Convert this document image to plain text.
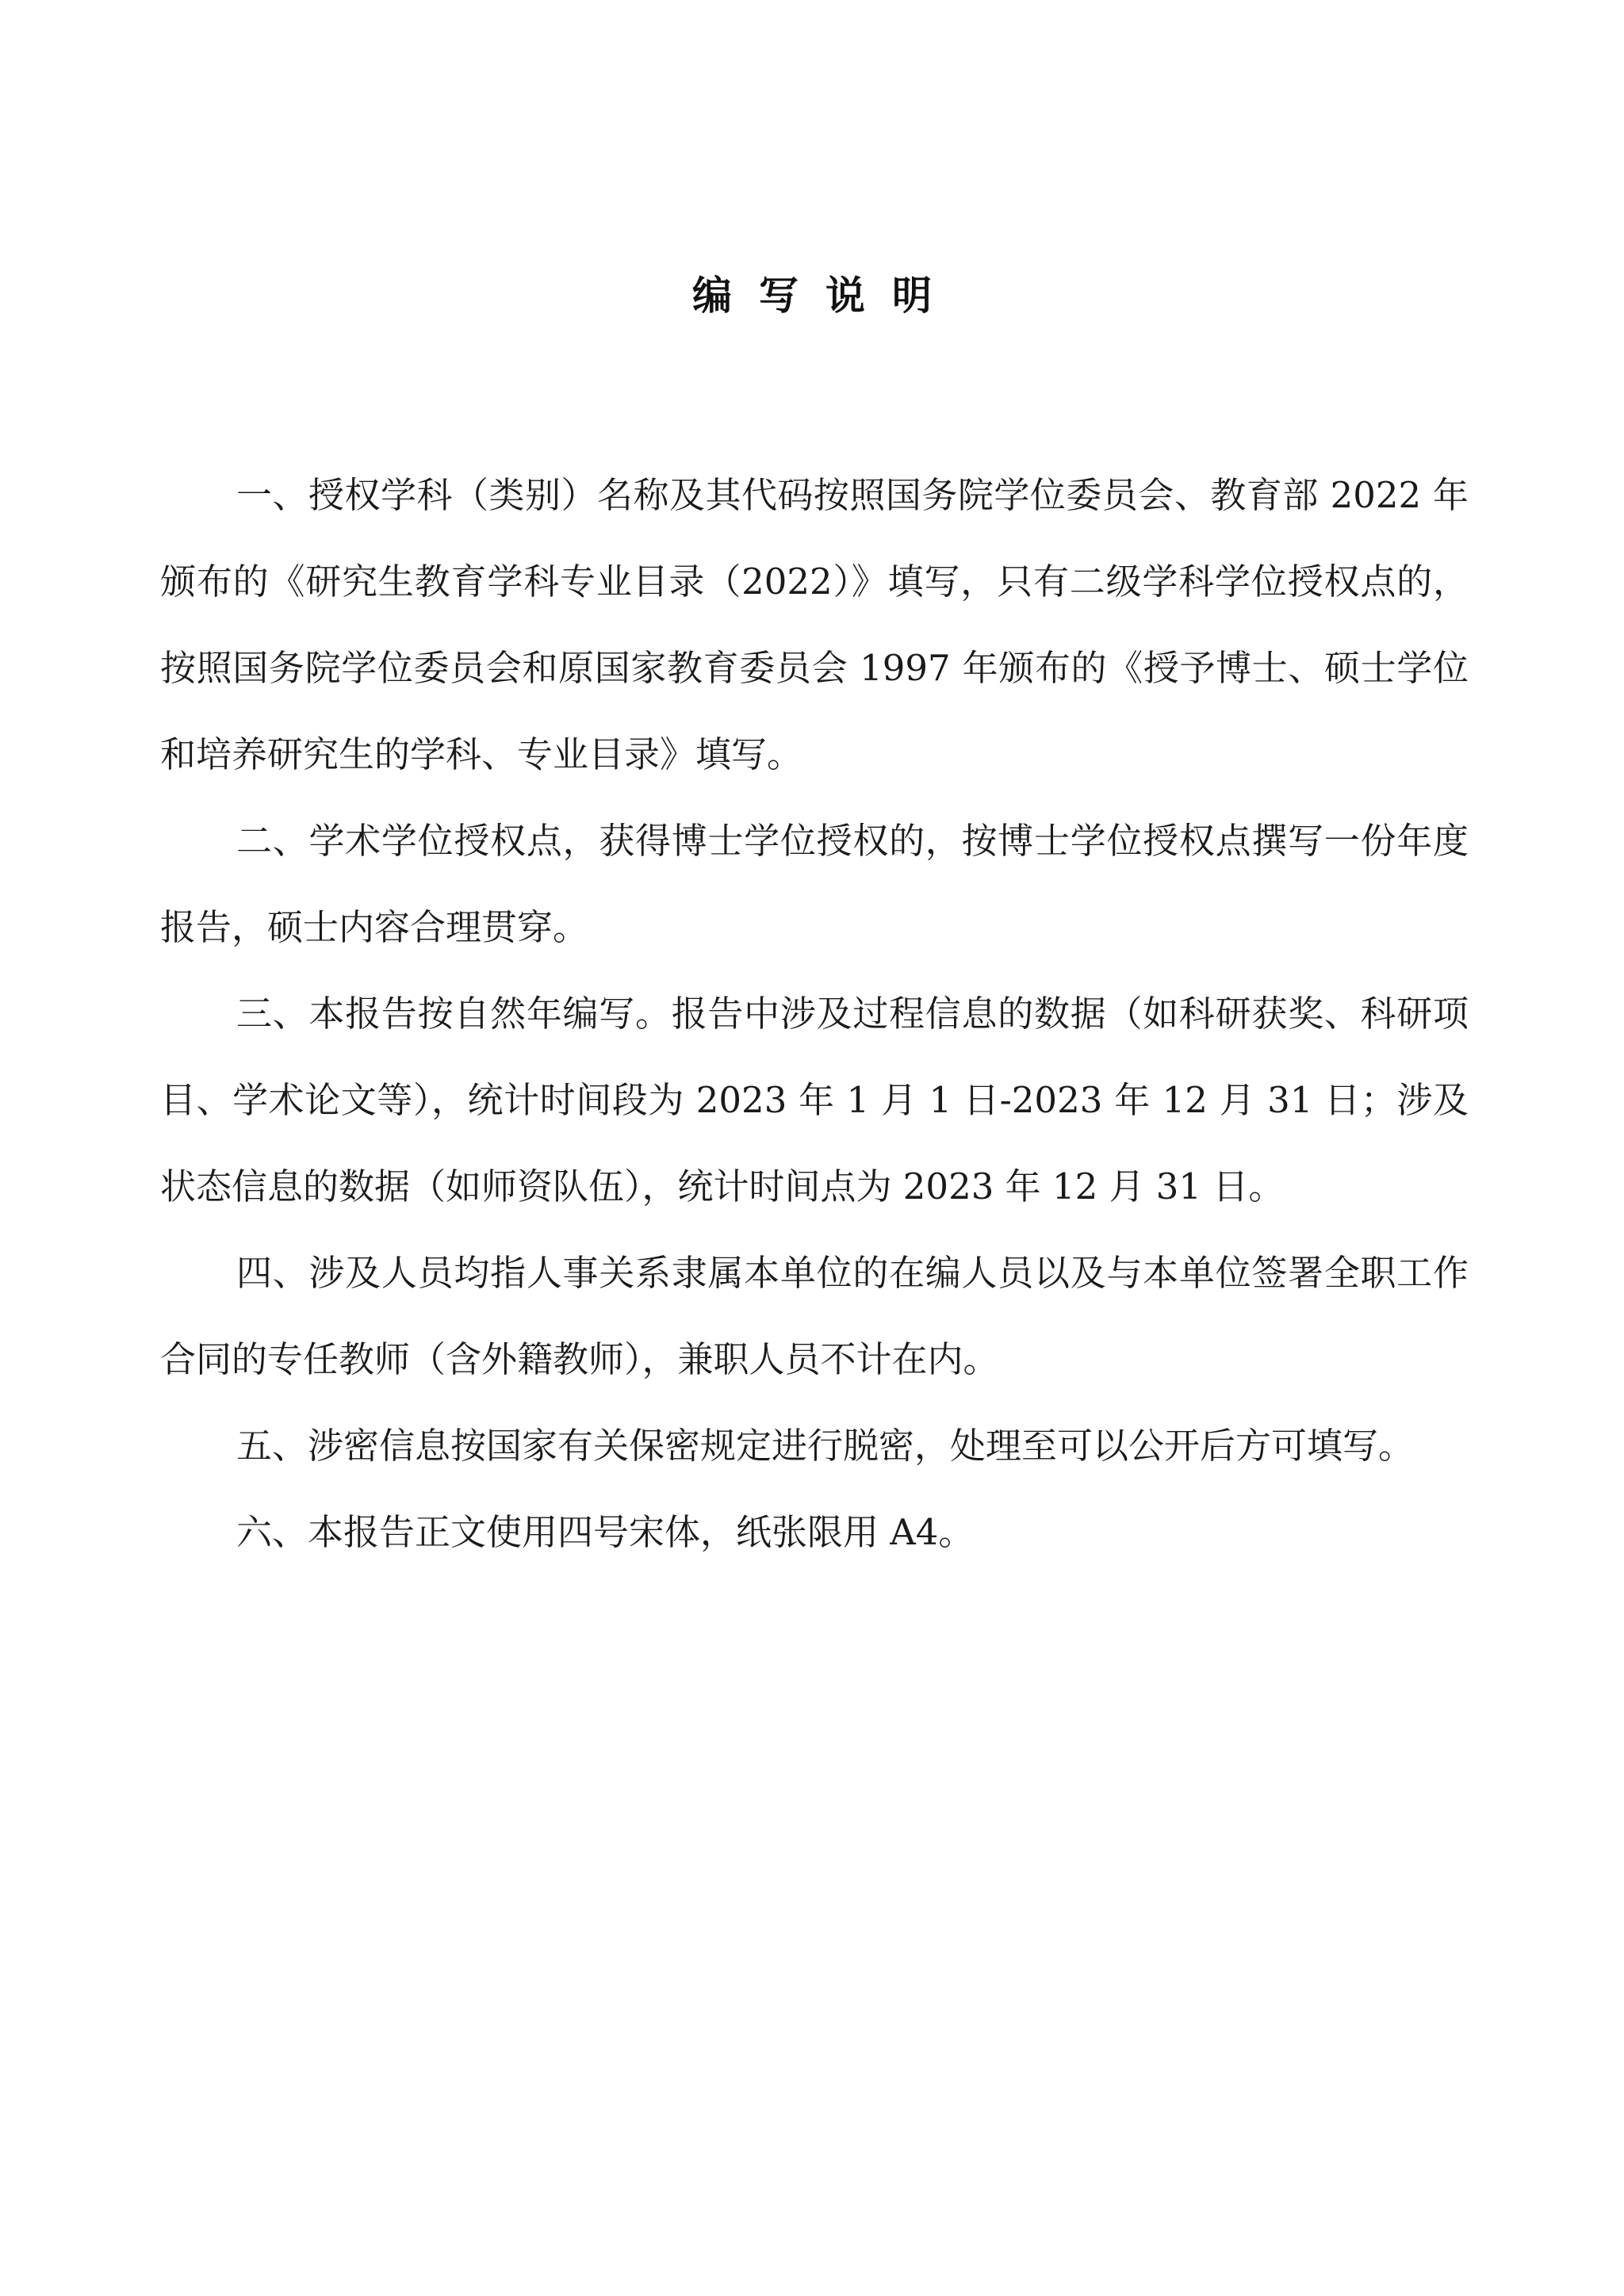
编写说明

一、授权学科（类别）名称及其代码按照国务院学位委员会、教育部 2022 年颁布的《研究生教育学科专业目录（2022）》填写，只有二级学科学位授权点的，按照国务院学位委员会和原国家教育委员会 1997 年颁布的《授予博士、硕士学位和培养研究生的学科、专业目录》填写。

二、学术学位授权点，获得博士学位授权的，按博士学位授权点撰写一份年度报告，硕士内容合理贯穿。

三、本报告按自然年编写。报告中涉及过程信息的数据（如科研获奖、科研项目、学术论文等），统计时间段为 2023 年 1 月 1 日-2023 年 12 月 31 日；涉及状态信息的数据（如师资队伍），统计时间点为 2023 年 12 月 31 日。

四、涉及人员均指人事关系隶属本单位的在编人员以及与本单位签署全职工作合同的专任教师（含外籍教师），兼职人员不计在内。

五、涉密信息按国家有关保密规定进行脱密，处理至可以公开后方可填写。

六、本报告正文使用四号宋体，纸张限用 A4。
